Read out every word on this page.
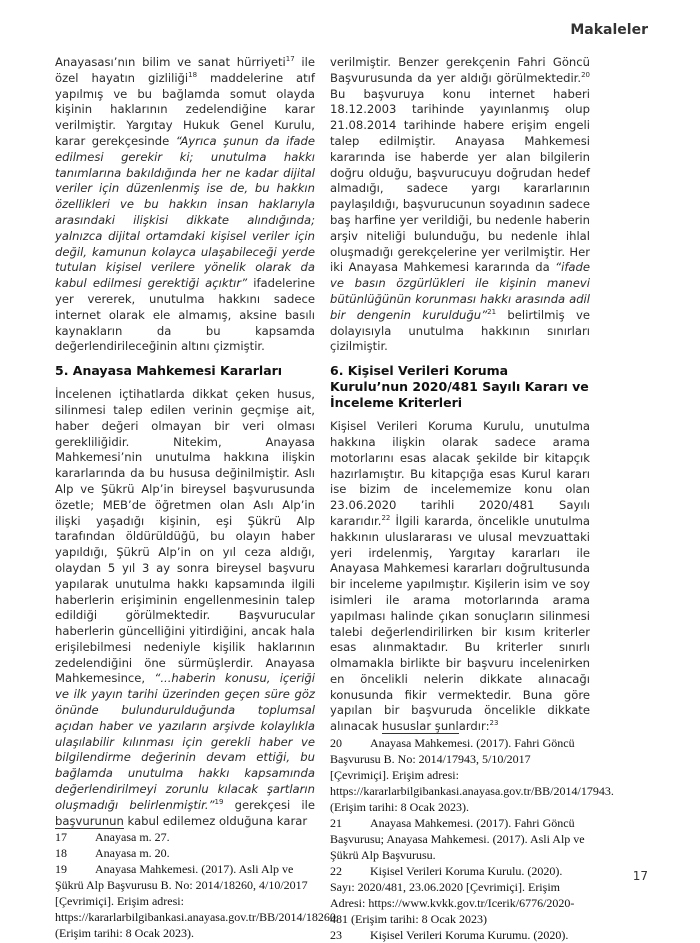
Makaleler

Anayasası’nın bilim ve sanat hürriyeti$^{17}$ ile özel hayatın gizliliği$^{18}$ maddelerine atıf yapılmış ve bu bağlamda somut olayda kişinin haklarının zedelendiğine karar verilmiştir. Yargıtay Hukuk Genel Kurulu, karar gerekçesinde “Ayrıca şunun da ifade edilmesi gerekir ki; unutulma hakkı tanımlarına bakıldığında her ne kadar dijital veriler için düzenlenmiş ise de, bu hakkın özellikleri ve bu hakkın insan haklarıyla arasındaki ilişkisi dikkate alındığında; yalnızca dijital ortamdaki kişisel veriler için değil, kamunun kolayca ulaşabileceği yerde tutulan kişisel verilere yönelik olarak da kabul edilmesi gerektiği açıktır” ifadelerine yer vererek, unutulma hakkını sadece internet olarak ele almamış, aksine basılı kaynakların da bu kapsamda değerlendirileceğinin altını çizmiştir.

5. Anayasa Mahkemesi Kararları

İncelenen içtihatlarda dikkat çeken husus, silinmesi talep edilen verinin geçmişe ait, haber değeri olmayan bir veri olması gerekliliğidir. Nitekim, Anayasa Mahkemesi’nin unutulma hakkına ilişkin kararlarında da bu hususa değinilmiştir. Aslı Alp ve Şükrü Alp’in bireysel başvurusunda özetle; MEB’de öğretmen olan Aslı Alp’in ilişki yaşadığı kişinin, eşi Şükrü Alp tarafından öldürüldüğü, bu olayın haber yapıldığı, Şükrü Alp’in on yıl ceza aldığı, olaydan 5 yıl 3 ay sonra bireysel başvuru yapılarak unutulma hakkı kapsamında ilgili haberlerin erişiminin engellenmesinin talep edildiği görülmektedir. Başvurucular haberlerin güncelliğini yitirdiğini, ancak hala erişilebilmesi nedeniyle kişilik haklarının zedelendiğini öne sürmüşlerdir. Anayasa Mahkemesince, “...haberin konusu, içeriği ve ilk yayın tarihi üzerinden geçen süre göz önünde bulundurulduğunda toplumsal açıdan haber ve yazıların arşivde kolaylıkla ulaşılabilir kılınması için gerekli haber ve bilgilendirme değerinin devam ettiği, bu bağlamda unutulma hakkı kapsamında değerlendirilmeyi zorunlu kılacak şartların oluşmadığı belirlenmiştir.”$^{19}$ gerekçesi ile başvurunun kabul edilemez olduğuna karar

17 Anayasa m. 27.

18 Anayasa m. 20.

19 Anayasa Mahkemesi. (2017). Asli Alp ve Şükrü Alp Başvurusu B. No: 2014/18260, 4/10/2017 [Çevrimiçi]. Erişim adresi: https://kararlarbilgibankasi.anayasa.gov.tr/BB/2014/18260. (Erişim tarihi: 8 Ocak 2023).

verilmiştir. Benzer gerekçenin Fahri Göncü Başvurusunda da yer aldığı görülmektedir.$^{20}$ Bu başvuruya konu internet haberi 18.12.2003 tarihinde yayınlanmış olup 21.08.2014 tarihinde habere erişim engeli talep edilmiştir. Anayasa Mahkemesi kararında ise haberde yer alan bilgilerin doğru olduğu, başvurucuyu doğrudan hedef almadığı, sadece yargı kararlarının paylaşıldığı, başvurucunun soyadının sadece baş harfine yer verildiği, bu nedenle haberin arşiv niteliği bulunduğu, bu nedenle ihlal oluşmadığı gerekçelerine yer verilmiştir. Her iki Anayasa Mahkemesi kararında da “ifade ve basın özgürlükleri ile kişinin manevi bütünlüğünün korunması hakkı arasında adil bir dengenin kurulduğu”$^{21}$ belirtilmiş ve dolayısıyla unutulma hakkının sınırları çizilmiştir.

6. Kişisel Verileri Koruma Kurulu’nun 2020/481 Sayılı Kararı ve İnceleme Kriterleri

Kişisel Verileri Koruma Kurulu, unutulma hakkına ilişkin olarak sadece arama motorlarını esas alacak şekilde bir kitapçık hazırlamıştır. Bu kitapçığa esas Kurul kararı ise bizim de incelememize konu olan 23.06.2020 tarihli 2020/481 Sayılı kararıdır.$^{22}$ İlgili kararda, öncelikle unutulma hakkının uluslararası ve ulusal mevzuattaki yeri irdelenmiş, Yargıtay kararları ile Anayasa Mahkemesi kararları doğrultusunda bir inceleme yapılmıştır. Kişilerin isim ve soy isimleri ile arama motorlarında arama yapılması halinde çıkan sonuçların silinmesi talebi değerlendirilirken bir kısım kriterler esas alınmaktadır. Bu kriterler sınırlı olmamakla birlikte bir başvuru incelenirken en öncelikli nelerin dikkate alınacağı konusunda fikir vermektedir. Buna göre yapılan bir başvuruda öncelikle dikkate alınacak hususlar şunlardır:$^{23}$

20 Anayasa Mahkemesi. (2017). Fahri Göncü Başvurusu B. No: 2014/17943, 5/10/2017 [Çevrimiçi]. Erişim adresi: https://kararlarbilgibankasi.anayasa.gov.tr/BB/2014/17943. (Erişim tarihi: 8 Ocak 2023).

21 Anayasa Mahkemesi. (2017). Fahri Göncü Başvurusu; Anayasa Mahkemesi. (2017). Asli Alp ve Şükrü Alp Başvurusu.

22 Kişisel Verileri Koruma Kurulu. (2020). Sayı: 2020/481, 23.06.2020 [Çevrimiçi]. Erişim Adresi: https://www.kvkk.gov.tr/Icerik/6776/2020-481 (Erişim tarihi: 8 Ocak 2023)

23 Kişisel Verileri Koruma Kurumu. (2020).

17
